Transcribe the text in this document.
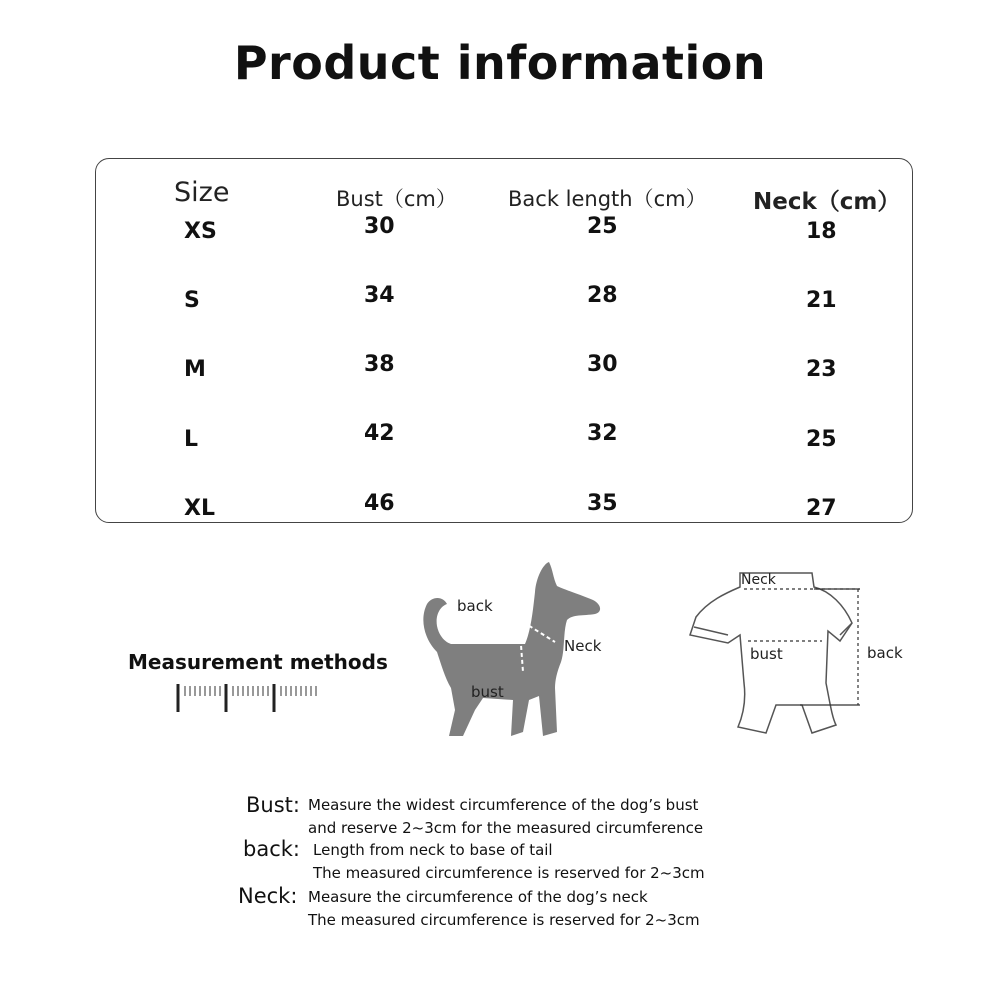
Product information
Size	Bust（cm） Back length（cm） Neck（cm）
XS	30	25	18
S	34	28	21
M	38	30	23
L	42	32	25
XL	46	35	27
Measurement methods
back
Neck
bust
Neck
bust	back
Bust: Measure the widest circumference of the dog’s bust
and reserve 2~3cm for the measured circumference
back: Length from neck to base of tail
The measured circumference is reserved for 2~3cm
Neck: Measure the circumference of the dog’s neck
The measured circumference is reserved for 2~3cm
